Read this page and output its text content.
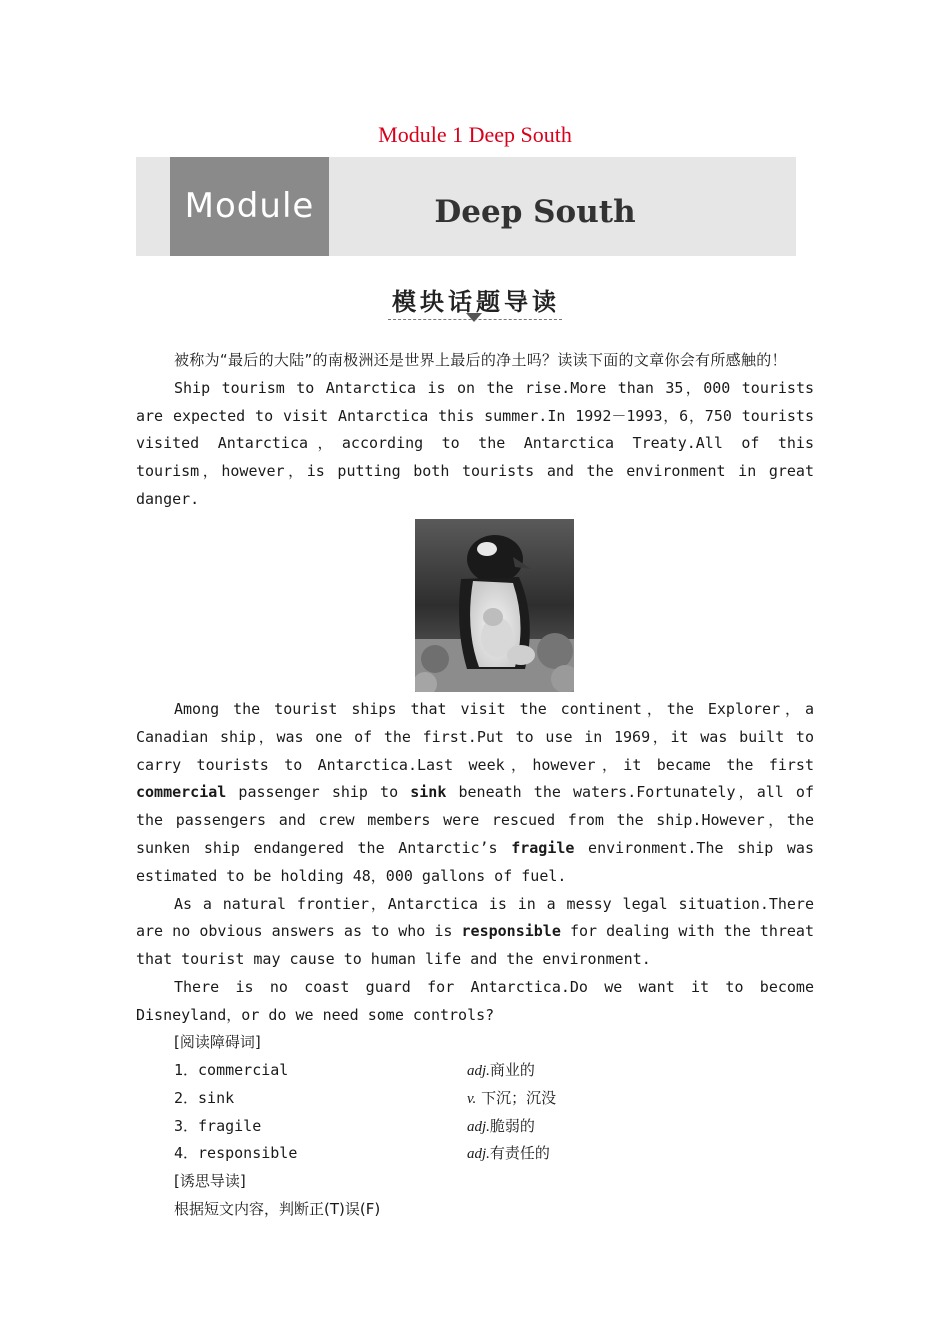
Module 1 Deep South
Module 1
Deep South
模块话题导读

被称为“最后的大陆”的南极洲还是世界上最后的净土吗？读读下面的文章你会有所感触的！

Ship tourism to Antarctica is on the rise.More than 35，000 tourists are expected to visit Antarctica this summer.In 1992－1993，6，750 tourists visited Antarctica，according to the Antarctica Treaty.All of this tourism，however，is putting both tourists and the environment in great danger.

Among the tourist ships that visit the continent，the Explorer，a Canadian ship，was one of the first.Put to use in 1969，it was built to carry tourists to Antarctica.Last week，however，it became the first commercial passenger ship to sink beneath the waters.Fortunately，all of the passengers and crew members were rescued from the ship.However，the sunken ship endangered the Antarctic’s fragile environment.The ship was estimated to be holding 48，000 gallons of fuel.

As a natural frontier，Antarctica is in a messy legal situation.There are no obvious answers as to who is responsible for dealing with the threat that tourist may cause to human life and the environment.

There is no coast guard for Antarctica.Do we want it to become Disneyland，or do we need some controls?

[阅读障碍词]
1．commercial	adj.商业的
2．sink	v. 下沉；沉没
3．fragile	adj.脆弱的
4．responsible	adj.有责任的
[诱思导读]
根据短文内容，判断正(T)误(F)
